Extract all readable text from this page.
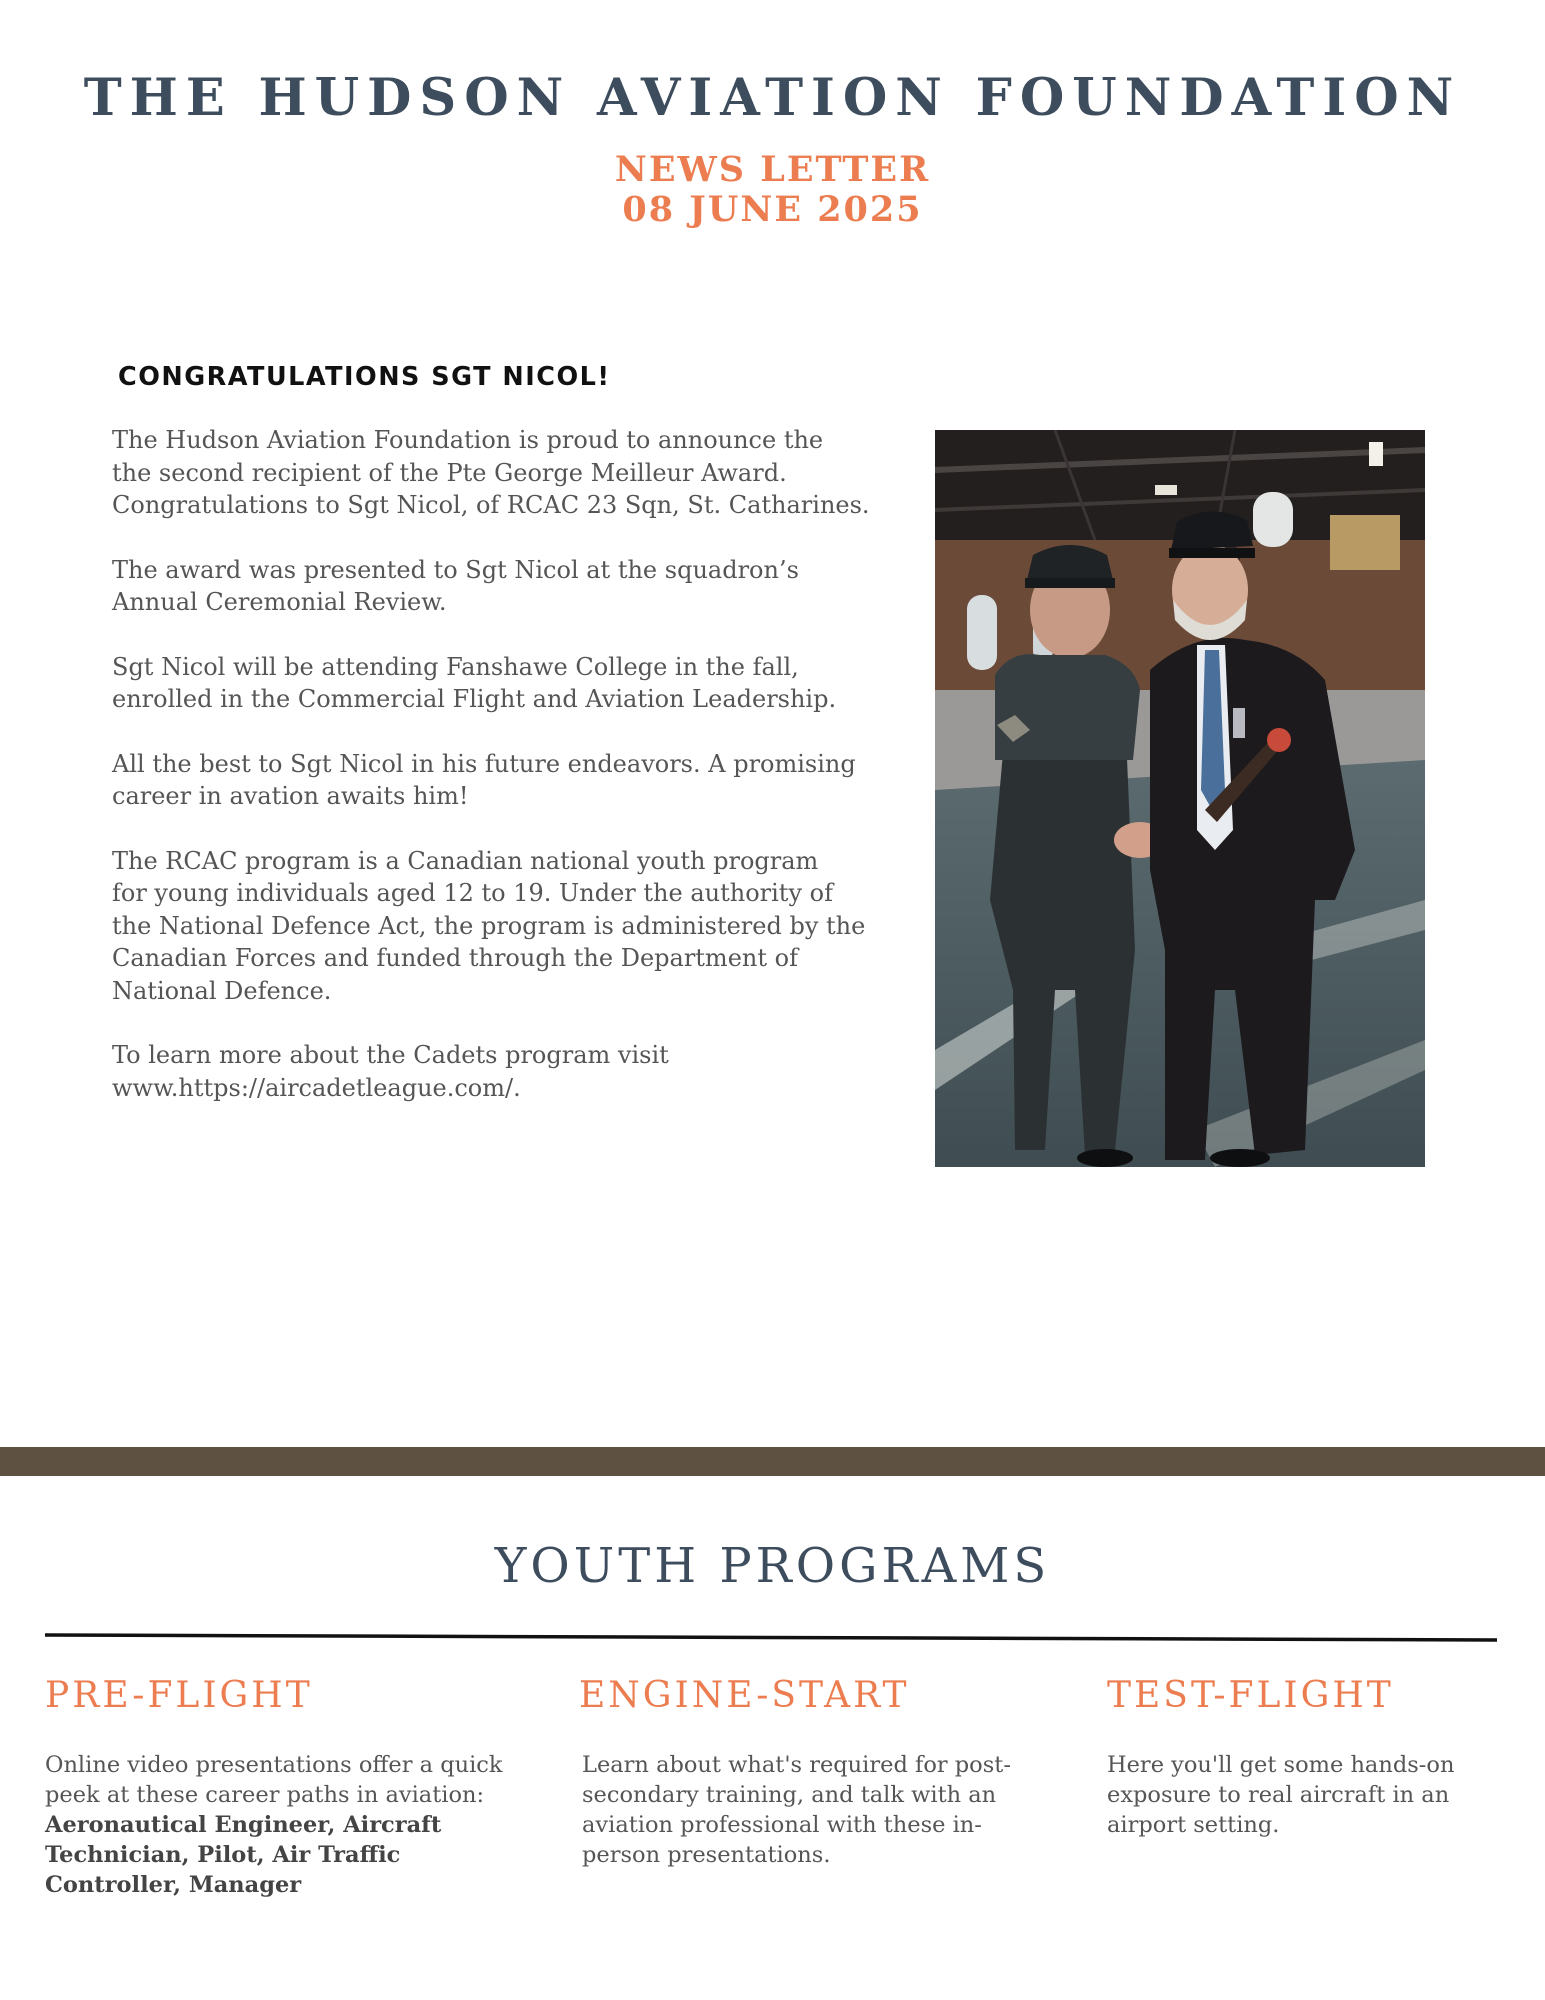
THE HUDSON AVIATION FOUNDATION
NEWS LETTER
08 JUNE 2025
CONGRATULATIONS SGT NICOL!

The Hudson Aviation Foundation is proud to announce the
the second recipient of the Pte George Meilleur Award.
Congratulations to Sgt Nicol, of RCAC 23 Sqn, St. Catharines.

The award was presented to Sgt Nicol at the squadron’s
Annual Ceremonial Review.

Sgt Nicol will be attending Fanshawe College in the fall,
enrolled in the Commercial Flight and Aviation Leadership.

All the best to Sgt Nicol in his future endeavors. A promising
career in avation awaits him!

The RCAC program is a Canadian national youth program
for young individuals aged 12 to 19. Under the authority of
the National Defence Act, the program is administered by the
Canadian Forces and funded through the Department of
National Defence.

To learn more about the Cadets program visit
www.https://aircadetleague.com/.

YOUTH PROGRAMS
PRE-FLIGHT	ENGINE-START	TEST-FLIGHT
Online video presentations offer a quick
peek at these career paths in aviation:
Aeronautical Engineer, Aircraft
Technician, Pilot, Air Traffic
Controller, Manager
Learn about what's required for post-
secondary training, and talk with an
aviation professional with these in-
person presentations.
Here you'll get some hands-on
exposure to real aircraft in an
airport setting.
